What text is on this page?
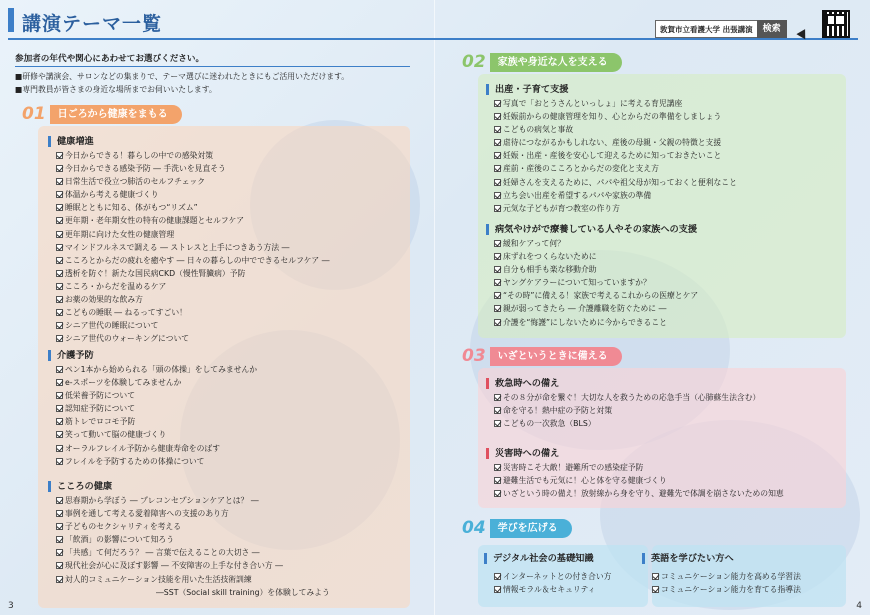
講演テーマ一覧	敦賀市立看護大学 出張講演	検索
参加者の年代や関心にあわせてお選びください。
■研修や講演会、サロンなどの集まりで、テーマ選びに迷われたときにもご活用いただけます。
■専門教員が皆さまの身近な場所までお伺いいたします。
01	日ごろから健康をまもる
健康増進
今日からできる！暮らしの中での感染対策
今日からできる感染予防 ― 手洗いを見直そう
日常生活で役立つ肺活のセルフチェック
体温から考える健康づくり
睡眠とともに知る、体がもつ“リズム”
更年期・老年期女性の特有の健康課題とセルフケア
更年期に向けた女性の健康管理
マインドフルネスで調える ― ストレスと上手につきあう方法 ―
こころとからだの疲れを癒やす ― 日々の暮らしの中でできるセルフケア ―
透析を防ぐ！新たな国民病CKD（慢性腎臓病）予防
こころ・からだを温めるケア
お薬の効果的な飲み方
こどもの睡眠 ― ねるってすごい！
シニア世代の睡眠について
シニア世代のウォーキングについて
介護予防
ペン1本から始められる「頭の体操」をしてみませんか
e-スポーツを体験してみませんか
低栄養予防について
認知症予防について
筋トレでロコモ予防
笑って動いて脳の健康づくり
オーラルフレイル予防から健康寿命をのばす
フレイルを予防するための体操について
こころの健康
思春期から学ぼう ― プレコンセプションケアとは？ ―
事例を通して考える愛着障害への支援のあり方
子どものセクシャリティを考える
「飲酒」の影響について知ろう
「共感」て何だろう？ ― 言葉で伝えることの大切さ ―
現代社会が心に及ぼす影響 ― 不安障害の上手な付き合い方 ―
対人的コミュニケーション技能を用いた生活技術訓練
―SST（Social skill training）を体験してみよう
3
02	家族や身近な人を支える
出産・子育て支援
写真で「おとうさんといっしょ」に考える育児講座
妊娠前からの健康管理を知り、心とからだの準備をしましょう
こどもの病気と事故
虐待につながるかもしれない、産後の母親・父親の特徴と支援
妊娠・出産・産後を安心して迎えるために知っておきたいこと
産前・産後のこころとからだの変化と支え方
妊婦さんを支えるために、パパや祖父母が知っておくと便利なこと
立ち会い出産を希望するパパや家族の準備
元気な子どもが育つ教室の作り方
病気やけがで療養している人やその家族への支援
緩和ケアって何？
床ずれをつくらないために
自分も相手も楽な移動介助
ヤングケアラーについて知っていますか？
“その時”に備える！家族で考えるこれからの医療とケア
親が弱ってきたら ― 介護離職を防ぐために ―
介護を“悔護”にしないために今からできること
03	いざというときに備える
救急時への備え
その８分が命を繋ぐ！大切な人を救うための応急手当（心肺蘇生法含む）
命を守る！熱中症の予防と対策
こどもの一次救急（BLS）
災害時への備え
災害時こそ大敵！避難所での感染症予防
避難生活でも元気に！心と体を守る健康づくり
いざという時の備え！放射線から身を守り、避難先で体調を崩さないための知恵
04	学びを広げる
デジタル社会の基礎知識
インターネットとの付き合い方
情報モラル＆セキュリティ
英語を学びたい方へ
コミュニケーション能力を高める学習法
コミュニケーション能力を育てる指導法
4
